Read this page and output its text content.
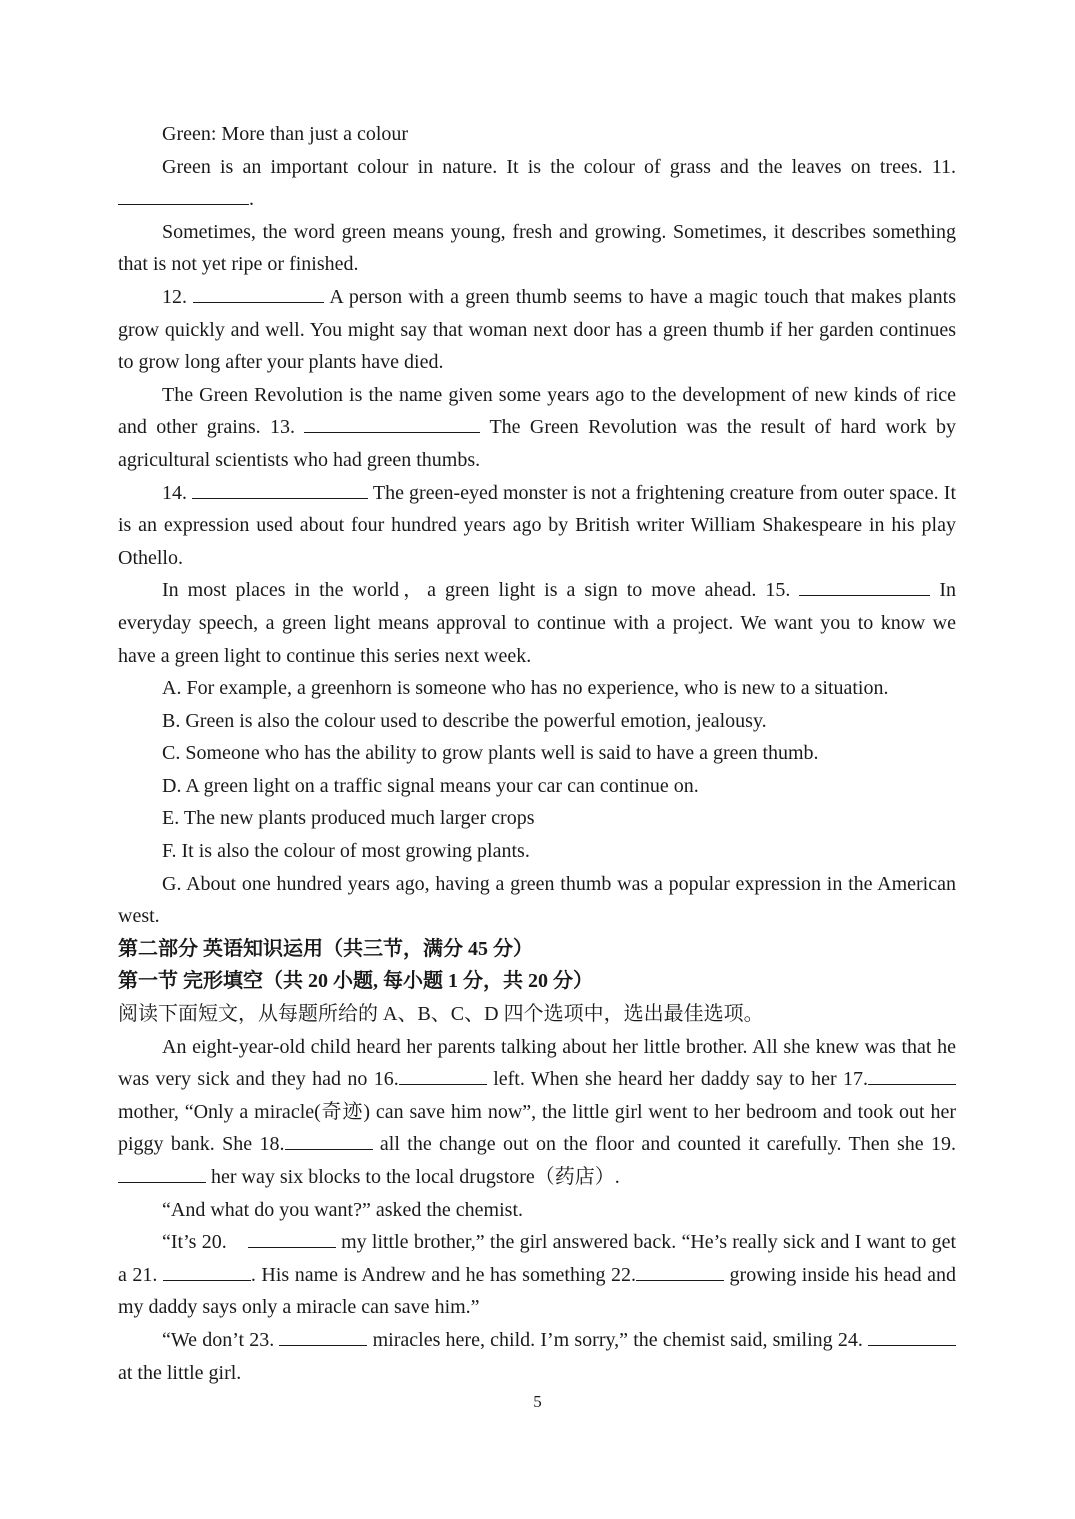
Green: More than just a colour

Green is an important colour in nature. It is the colour of grass and the leaves on trees. 11. .

Sometimes, the word green means young, fresh and growing. Sometimes, it describes something that is not yet ripe or finished.

12.	A person with a green thumb seems to have a magic touch that makes plants grow quickly and well. You might say that woman next door has a green thumb if her garden continues to grow long after your plants have died.

The Green Revolution is the name given some years ago to the development of new kinds of rice and other grains. 13.	The Green Revolution was the result of hard work by agricultural scientists who had green thumbs.

14.	The green-eyed monster is not a frightening creature from outer space. It is an expression used about four hundred years ago by British writer William Shakespeare in his play Othello.

In most places in the world，a green light is a sign to move ahead. 15.	In everyday speech, a green light means approval to continue with a project. We want you to know we have a green light to continue this series next week.

A. For example, a greenhorn is someone who has no experience, who is new to a situation.

B. Green is also the colour used to describe the powerful emotion, jealousy.

C. Someone who has the ability to grow plants well is said to have a green thumb.

D. A green light on a traffic signal means your car can continue on.

E. The new plants produced much larger crops

F. It is also the colour of most growing plants.

G. About one hundred years ago, having a green thumb was a popular expression in the American west.

第二部分 英语知识运用（共三节，满分 45 分）

第一节 完形填空（共 20 小题, 每小题 1 分，共 20 分）

阅读下面短文，从每题所给的 A、B、C、D 四个选项中，选出最佳选项。

An eight-year-old child heard her parents talking about her little brother. All she knew was that he was very sick and they had no 16.	left. When she heard her daddy say to her 17. mother, “Only a miracle(奇迹) can save him now”, the little girl went to her bedroom and took out her piggy bank. She 18.	all the change out on the floor and counted it carefully. Then she 19.  her way six blocks to the local drugstore（药店）.

“And what do you want?” asked the chemist.

“It’s 20.	my little brother,” the girl answered back. “He’s really sick and I want to get a 21.	. His name is Andrew and he has something 22.	growing inside his head and my daddy says only a miracle can save him.”

“We don’t 23.	miracles here, child. I’m sorry,” the chemist said, smiling 24.  at the little girl.

5
